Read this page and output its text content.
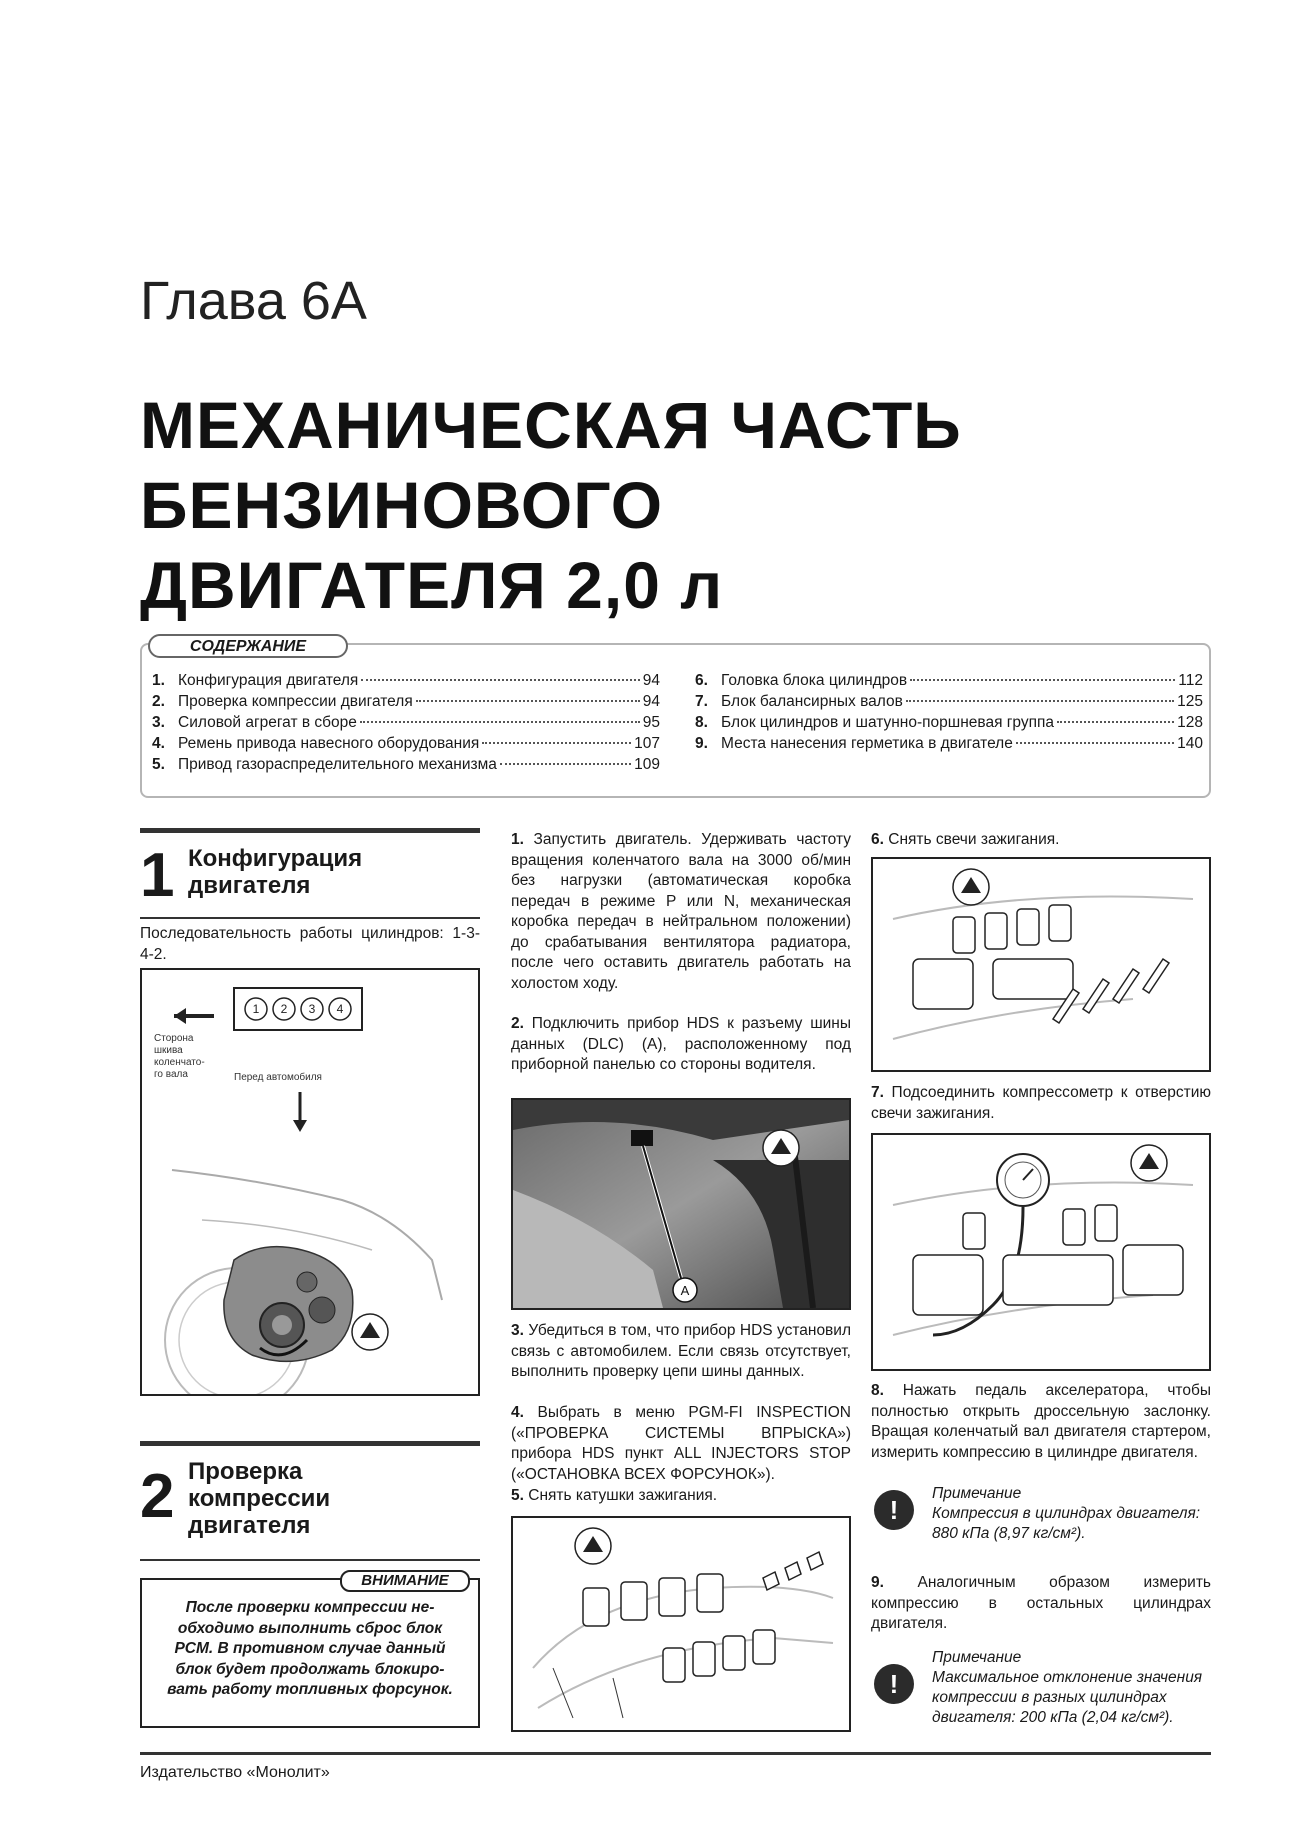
Глава 6А
МЕХАНИЧЕСКАЯ ЧАСТЬ
БЕНЗИНОВОГО
ДВИГАТЕЛЯ 2,0 л
СОДЕРЖАНИЕ
1. Конфигурация двигателя	94
2. Проверка компрессии двигателя	94
3. Силовой агрегат в сборе	95
4. Ремень привода навесного оборудования	107
5. Привод газораспределительного механизма	109
6. Головка блока цилиндров	112
7. Блок балансирных валов	125
8. Блок цилиндров и шатунно-поршневая группа	128
9. Места нанесения герметика в двигателе	140
1 Конфигурация
двигателя
Последовательность работы цилиндров: 1-3-4-2.
1 2 3 4
Сторона
шкива
коленчато-
го вала	Перед автомобиля
2 Проверка
компрессии
двигателя
ВНИМАНИЕ
После проверки компрессии не-
обходимо выполнить сброс блок
PCM. В противном случае данный
блок будет продолжать блокиро-
вать работу топливных форсунок.
1. Запустить двигатель. Удерживать частоту вращения коленчатого вала на 3000 об/мин без нагрузки (автоматическая коробка передач в режиме P или N, механическая коробка передач в нейтральном положении) до срабатывания вентилятора радиатора, после чего оставить двигатель работать на холостом ходу.
2. Подключить прибор HDS к разъему шины данных (DLC) (A), расположенному под приборной панелью со стороны водителя.
A
3. Убедиться в том, что прибор HDS установил связь с автомобилем. Если связь отсутствует, выполнить проверку цепи шины данных.
4. Выбрать в меню PGM-FI INSPECTION («ПРОВЕРКА СИСТЕМЫ ВПРЫСКА») прибора HDS пункт ALL INJECTORS STOP («ОСТАНОВКА ВСЕХ ФОРСУНОК»).
5. Снять катушки зажигания.
6. Снять свечи зажигания.
7. Подсоединить компрессометр к отверстию свечи зажигания.
8. Нажать педаль акселератора, чтобы полностью открыть дроссельную заслонку. Вращая коленчатый вал двигателя стартером, измерить компрессию в цилиндре двигателя.
!
Примечание
Компрессия в цилиндрах двигателя: 880 кПа (8,97 кг/см²).
9. Аналогичным образом измерить компрессию в остальных цилиндрах двигателя.
!
Примечание
Максимальное отклонение значения компрессии в разных цилиндрах двигателя: 200 кПа (2,04 кг/см²).
Издательство «Монолит»
